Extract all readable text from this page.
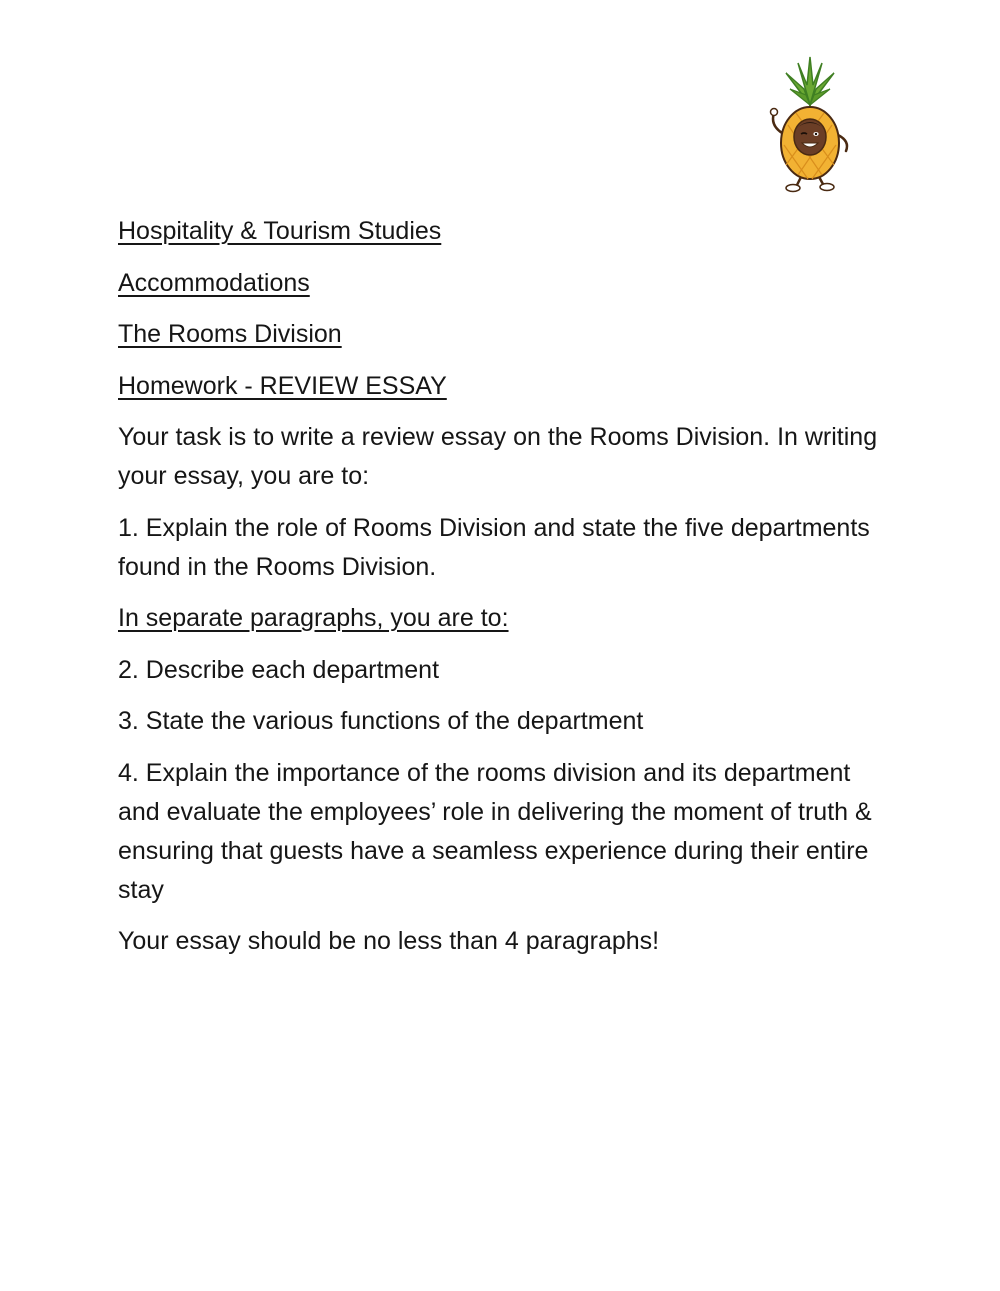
Hospitality & Tourism Studies

Accommodations

The Rooms Division

Homework - REVIEW ESSAY

Your task is to write a review essay on the Rooms Division. In writing your essay, you are to:

1. Explain the role of Rooms Division and state the five departments found in the Rooms Division.

In separate paragraphs, you are to:

2. Describe each department

3. State the various functions of the department

4. Explain the importance of the rooms division and its department and evaluate the employees’ role in delivering the moment of truth & ensuring that guests have a seamless experience during their entire stay

Your essay should be no less than 4 paragraphs!
